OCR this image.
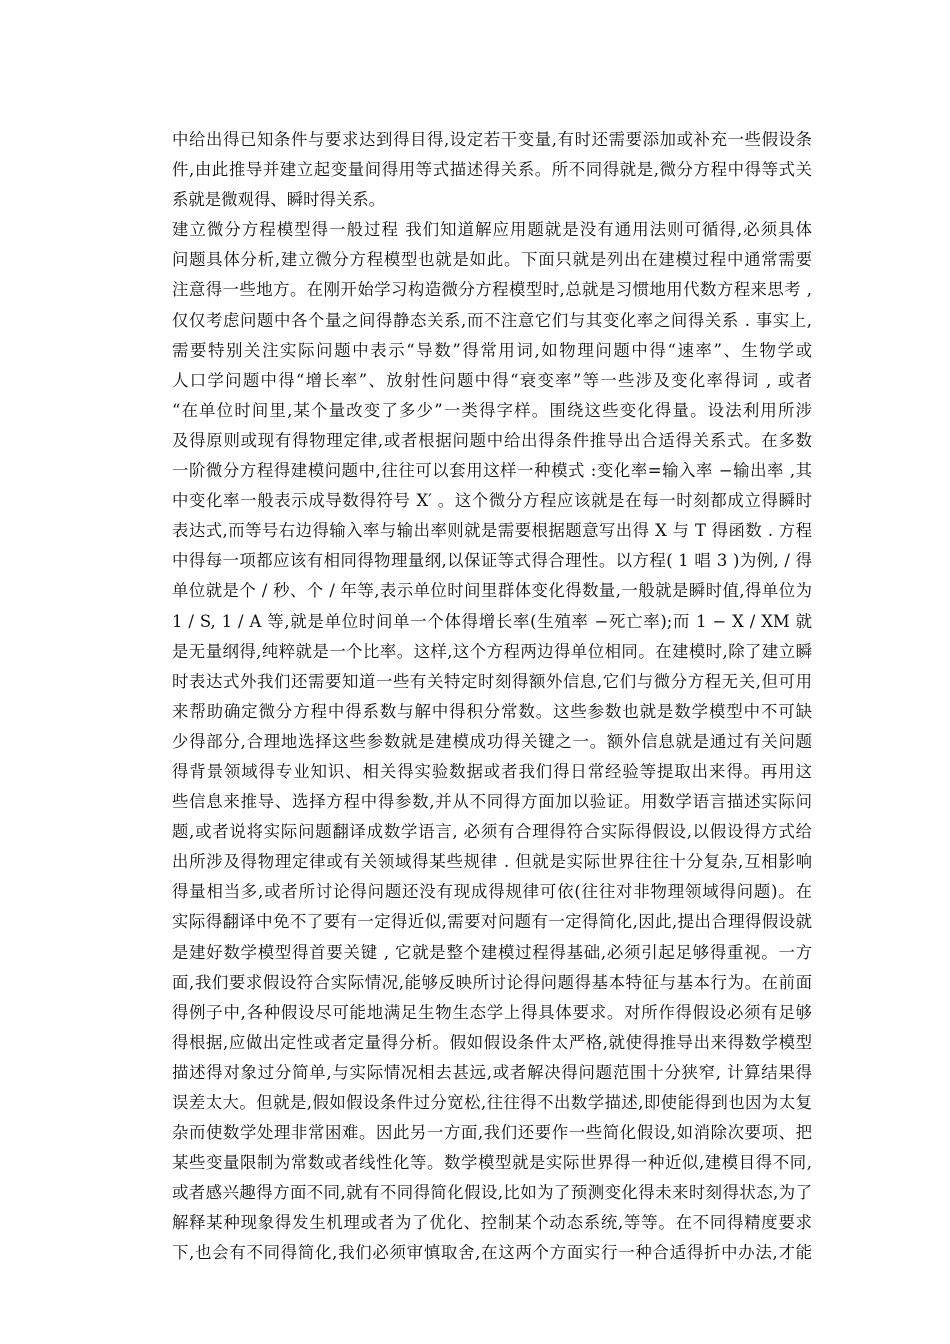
中给出得已知条件与要求达到得目得,设定若干变量,有时还需要添加或补充一些假设条
件,由此推导并建立起变量间得用等式描述得关系。所不同得就是,微分方程中得等式关
系就是微观得、瞬时得关系。
建立微分方程模型得一般过程 我们知道解应用题就是没有通用法则可循得,必须具体
问题具体分析,建立微分方程模型也就是如此。下面只就是列出在建模过程中通常需要
注意得一些地方。在刚开始学习构造微分方程模型时,总就是习惯地用代数方程来思考 ,
仅仅考虑问题中各个量之间得静态关系,而不注意它们与其变化率之间得关系 . 事实上,
需要特别关注实际问题中表示“导数”得常用词,如物理问题中得“速率”、生物学或
人口学问题中得“增长率”、放射性问题中得“衰变率”等一些涉及变化率得词 , 或者
“在单位时间里,某个量改变了多少”一类得字样。围绕这些变化得量。设法利用所涉
及得原则或现有得物理定律,或者根据问题中给出得条件推导出合适得关系式。在多数
一阶微分方程得建模问题中,往往可以套用这样一种模式 :变化率=输入率 −输出率 ,其
中变化率一般表示成导数得符号 X′ 。这个微分方程应该就是在每一时刻都成立得瞬时
表达式,而等号右边得输入率与输出率则就是需要根据题意写出得 X 与 T 得函数 . 方程
中得每一项都应该有相同得物理量纲,以保证等式得合理性。以方程( 1 唱 3 )为例, / 得
单位就是个 / 秒、个 / 年等,表示单位时间里群体变化得数量,一般就是瞬时值,得单位为
1 / S, 1 / A 等,就是单位时间单一个体得增长率(生殖率 −死亡率);而 1 − X / XM 就
是无量纲得,纯粹就是一个比率。这样,这个方程两边得单位相同。在建模时,除了建立瞬
时表达式外我们还需要知道一些有关特定时刻得额外信息,它们与微分方程无关,但可用
来帮助确定微分方程中得系数与解中得积分常数。这些参数也就是数学模型中不可缺
少得部分,合理地选择这些参数就是建模成功得关键之一。额外信息就是通过有关问题
得背景领域得专业知识、相关得实验数据或者我们得日常经验等提取出来得。再用这
些信息来推导、选择方程中得参数,并从不同得方面加以验证。用数学语言描述实际问
题,或者说将实际问题翻译成数学语言, 必须有合理得符合实际得假设,以假设得方式给
出所涉及得物理定律或有关领域得某些规律 . 但就是实际世界往往十分复杂,互相影响
得量相当多,或者所讨论得问题还没有现成得规律可依(往往对非物理领域得问题)。在
实际得翻译中免不了要有一定得近似,需要对问题有一定得简化,因此,提出合理得假设就
是建好数学模型得首要关键 , 它就是整个建模过程得基础,必须引起足够得重视。一方
面,我们要求假设符合实际情况,能够反映所讨论得问题得基本特征与基本行为。在前面
得例子中,各种假设尽可能地满足生物生态学上得具体要求。对所作得假设必须有足够
得根据,应做出定性或者定量得分析。假如假设条件太严格,就使得推导出来得数学模型
描述得对象过分简单,与实际情况相去甚远,或者解决得问题范围十分狭窄, 计算结果得
误差太大。但就是,假如假设条件过分宽松,往往得不出数学描述,即使能得到也因为太复
杂而使数学处理非常困难。因此另一方面,我们还要作一些简化假设,如消除次要项、把
某些变量限制为常数或者线性化等。数学模型就是实际世界得一种近似,建模目得不同,
或者感兴趣得方面不同,就有不同得简化假设,比如为了预测变化得未来时刻得状态,为了
解释某种现象得发生机理或者为了优化、控制某个动态系统,等等。在不同得精度要求
下,也会有不同得简化,我们必须审慎取舍,在这两个方面实行一种合适得折中办法,才能
